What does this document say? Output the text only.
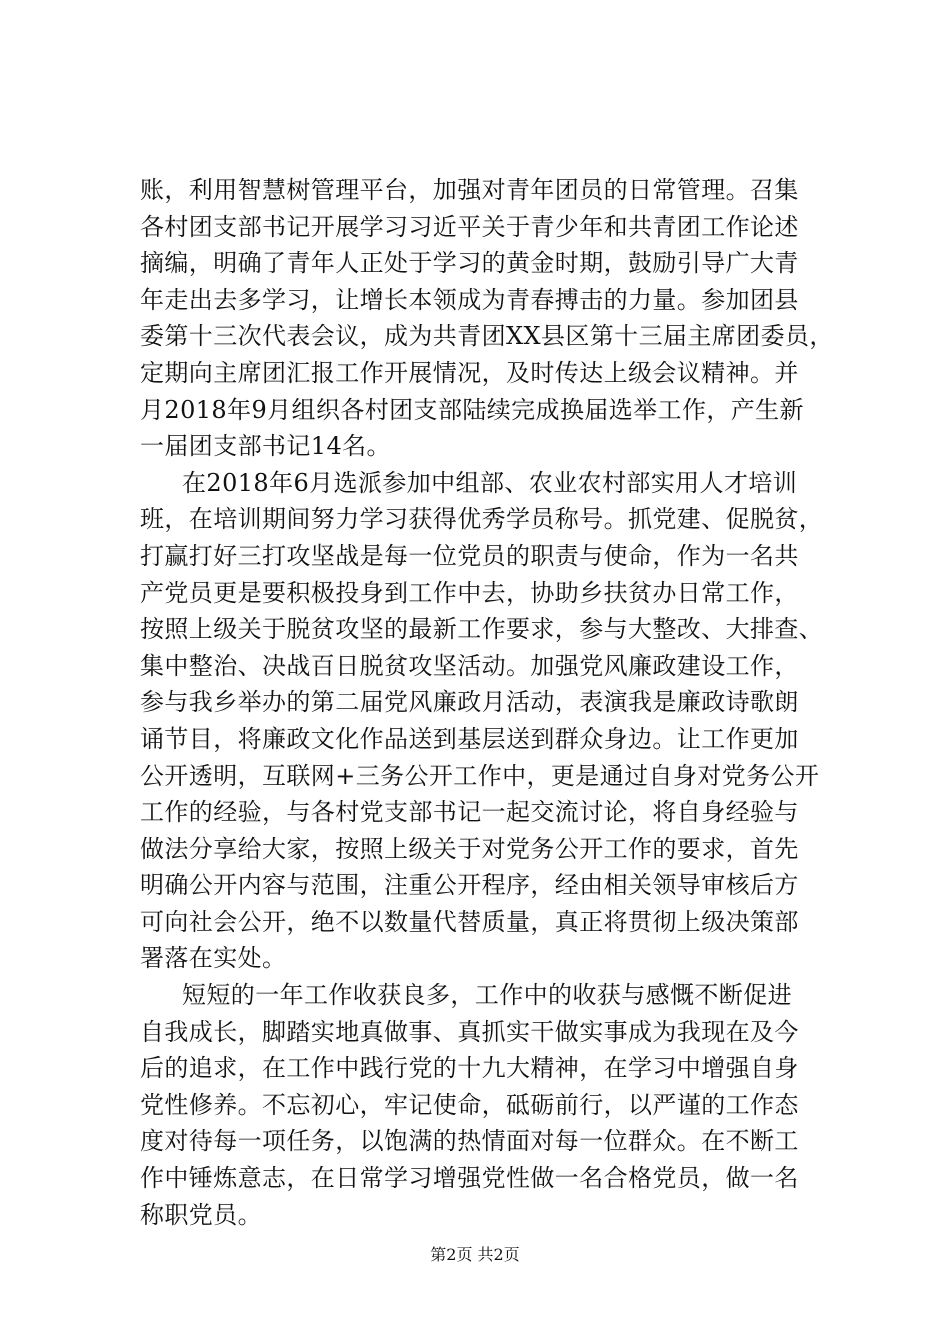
账，利用智慧树管理平台，加强对青年团员的日常管理。召集
各村团支部书记开展学习习近平关于青少年和共青团工作论述
摘编，明确了青年人正处于学习的黄金时期，鼓励引导广大青
年走出去多学习，让增长本领成为青春搏击的力量。参加团县
委第十三次代表会议，成为共青团XX县区第十三届主席团委员，
定期向主席团汇报工作开展情况，及时传达上级会议精神。并
月2018年9月组织各村团支部陆续完成换届选举工作，产生新
一届团支部书记14名。
在2018年6月选派参加中组部、农业农村部实用人才培训
班，在培训期间努力学习获得优秀学员称号。抓党建、促脱贫，
打赢打好三打攻坚战是每一位党员的职责与使命，作为一名共
产党员更是要积极投身到工作中去，协助乡扶贫办日常工作，
按照上级关于脱贫攻坚的最新工作要求，参与大整改、大排查、
集中整治、决战百日脱贫攻坚活动。加强党风廉政建设工作，
参与我乡举办的第二届党风廉政月活动，表演我是廉政诗歌朗
诵节目，将廉政文化作品送到基层送到群众身边。让工作更加
公开透明，互联网+三务公开工作中，更是通过自身对党务公开
工作的经验，与各村党支部书记一起交流讨论，将自身经验与
做法分享给大家，按照上级关于对党务公开工作的要求，首先
明确公开内容与范围，注重公开程序，经由相关领导审核后方
可向社会公开，绝不以数量代替质量，真正将贯彻上级决策部
署落在实处。
短短的一年工作收获良多，工作中的收获与感慨不断促进
自我成长，脚踏实地真做事、真抓实干做实事成为我现在及今
后的追求，在工作中践行党的十九大精神，在学习中增强自身
党性修养。不忘初心，牢记使命，砥砺前行，以严谨的工作态
度对待每一项任务，以饱满的热情面对每一位群众。在不断工
作中锤炼意志，在日常学习增强党性做一名合格党员，做一名
称职党员。
第2页 共2页
